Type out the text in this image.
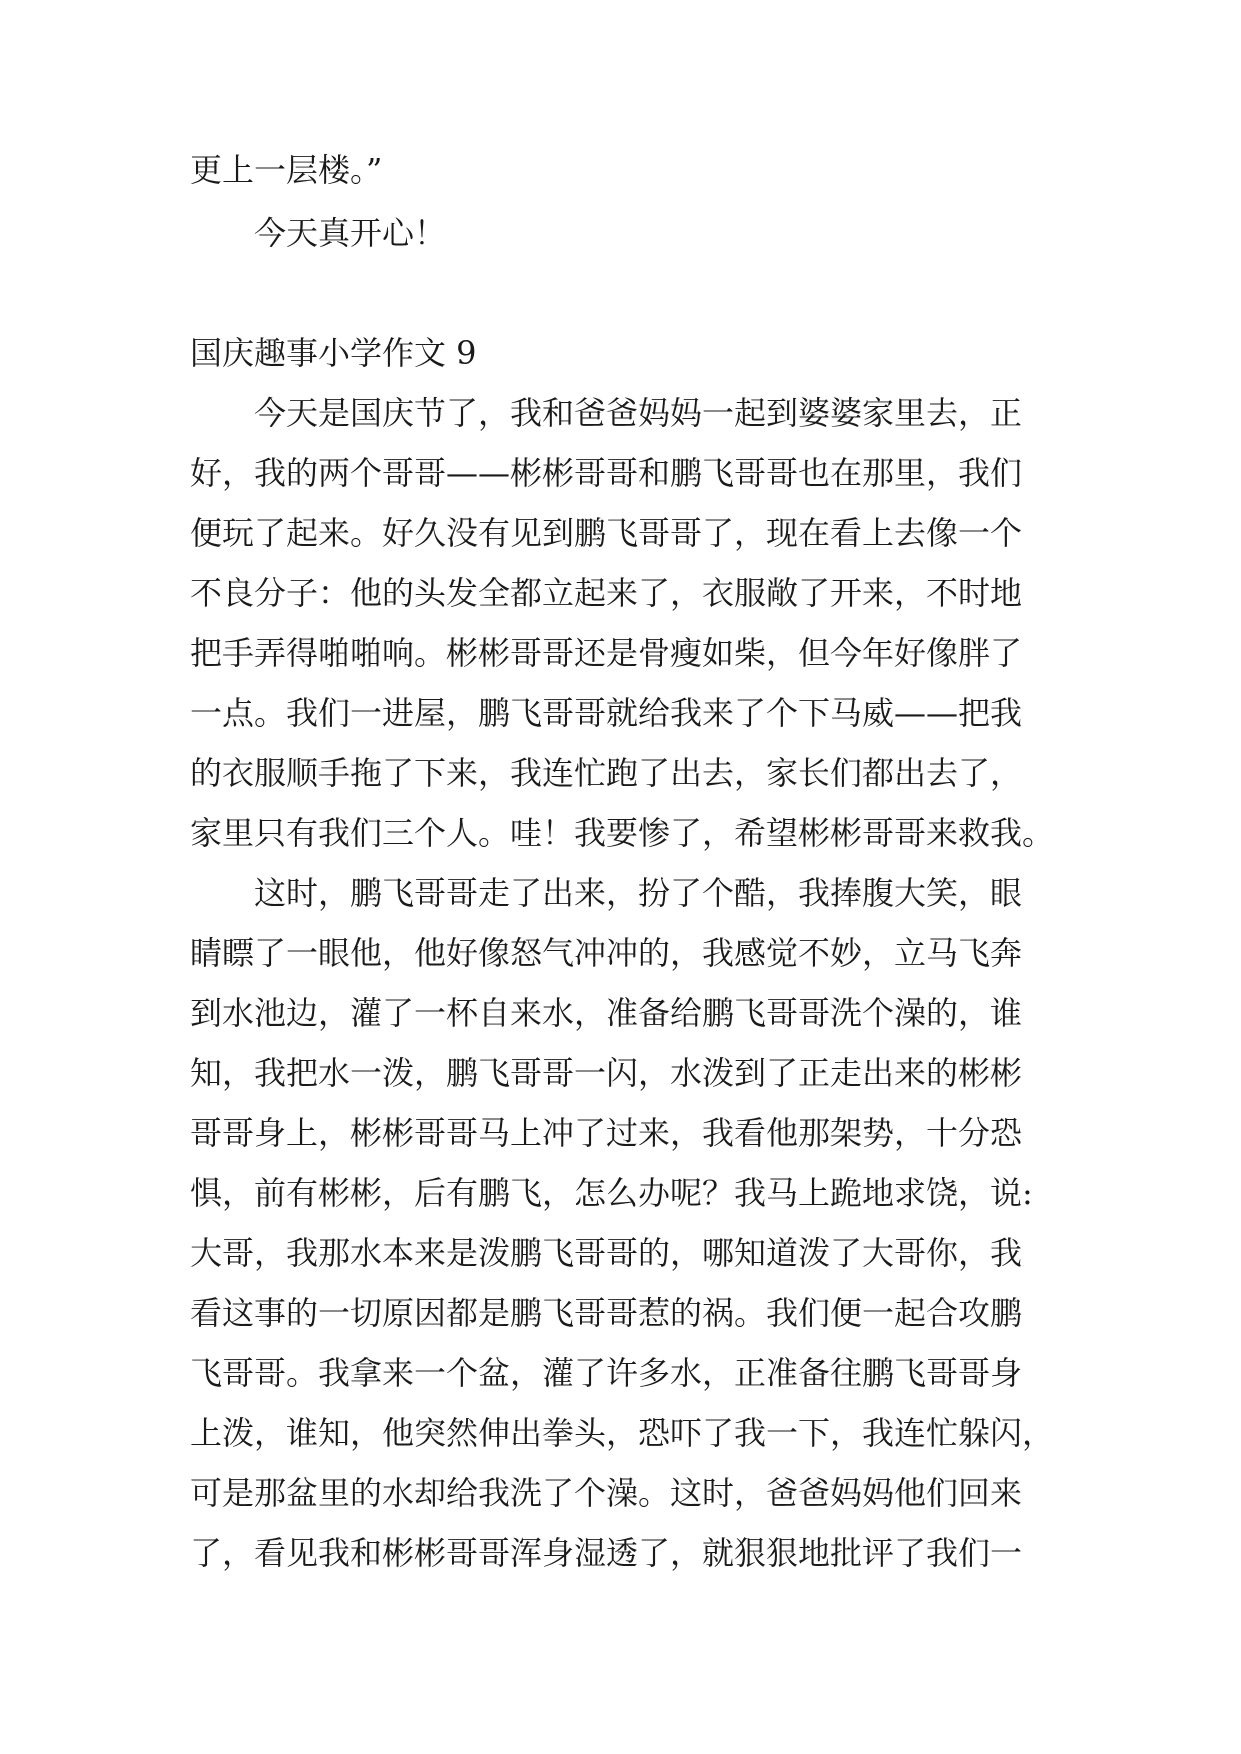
更上一层楼。”
今天真开心！
国庆趣事小学作文 9
今天是国庆节了，我和爸爸妈妈一起到婆婆家里去，正
好，我的两个哥哥——彬彬哥哥和鹏飞哥哥也在那里，我们
便玩了起来。好久没有见到鹏飞哥哥了，现在看上去像一个
不良分子：他的头发全都立起来了，衣服敞了开来，不时地
把手弄得啪啪响。彬彬哥哥还是骨瘦如柴，但今年好像胖了
一点。我们一进屋，鹏飞哥哥就给我来了个下马威——把我
的衣服顺手拖了下来，我连忙跑了出去，家长们都出去了，
家里只有我们三个人。哇！我要惨了，希望彬彬哥哥来救我。
这时，鹏飞哥哥走了出来，扮了个酷，我捧腹大笑，眼
睛瞟了一眼他，他好像怒气冲冲的，我感觉不妙，立马飞奔
到水池边，灌了一杯自来水，准备给鹏飞哥哥洗个澡的，谁
知，我把水一泼，鹏飞哥哥一闪，水泼到了正走出来的彬彬
哥哥身上，彬彬哥哥马上冲了过来，我看他那架势，十分恐
惧，前有彬彬，后有鹏飞，怎么办呢？我马上跪地求饶，说:
大哥，我那水本来是泼鹏飞哥哥的，哪知道泼了大哥你，我
看这事的一切原因都是鹏飞哥哥惹的祸。我们便一起合攻鹏
飞哥哥。我拿来一个盆，灌了许多水，正准备往鹏飞哥哥身
上泼，谁知，他突然伸出拳头，恐吓了我一下，我连忙躲闪，
可是那盆里的水却给我洗了个澡。这时，爸爸妈妈他们回来
了，看见我和彬彬哥哥浑身湿透了，就狠狠地批评了我们一
